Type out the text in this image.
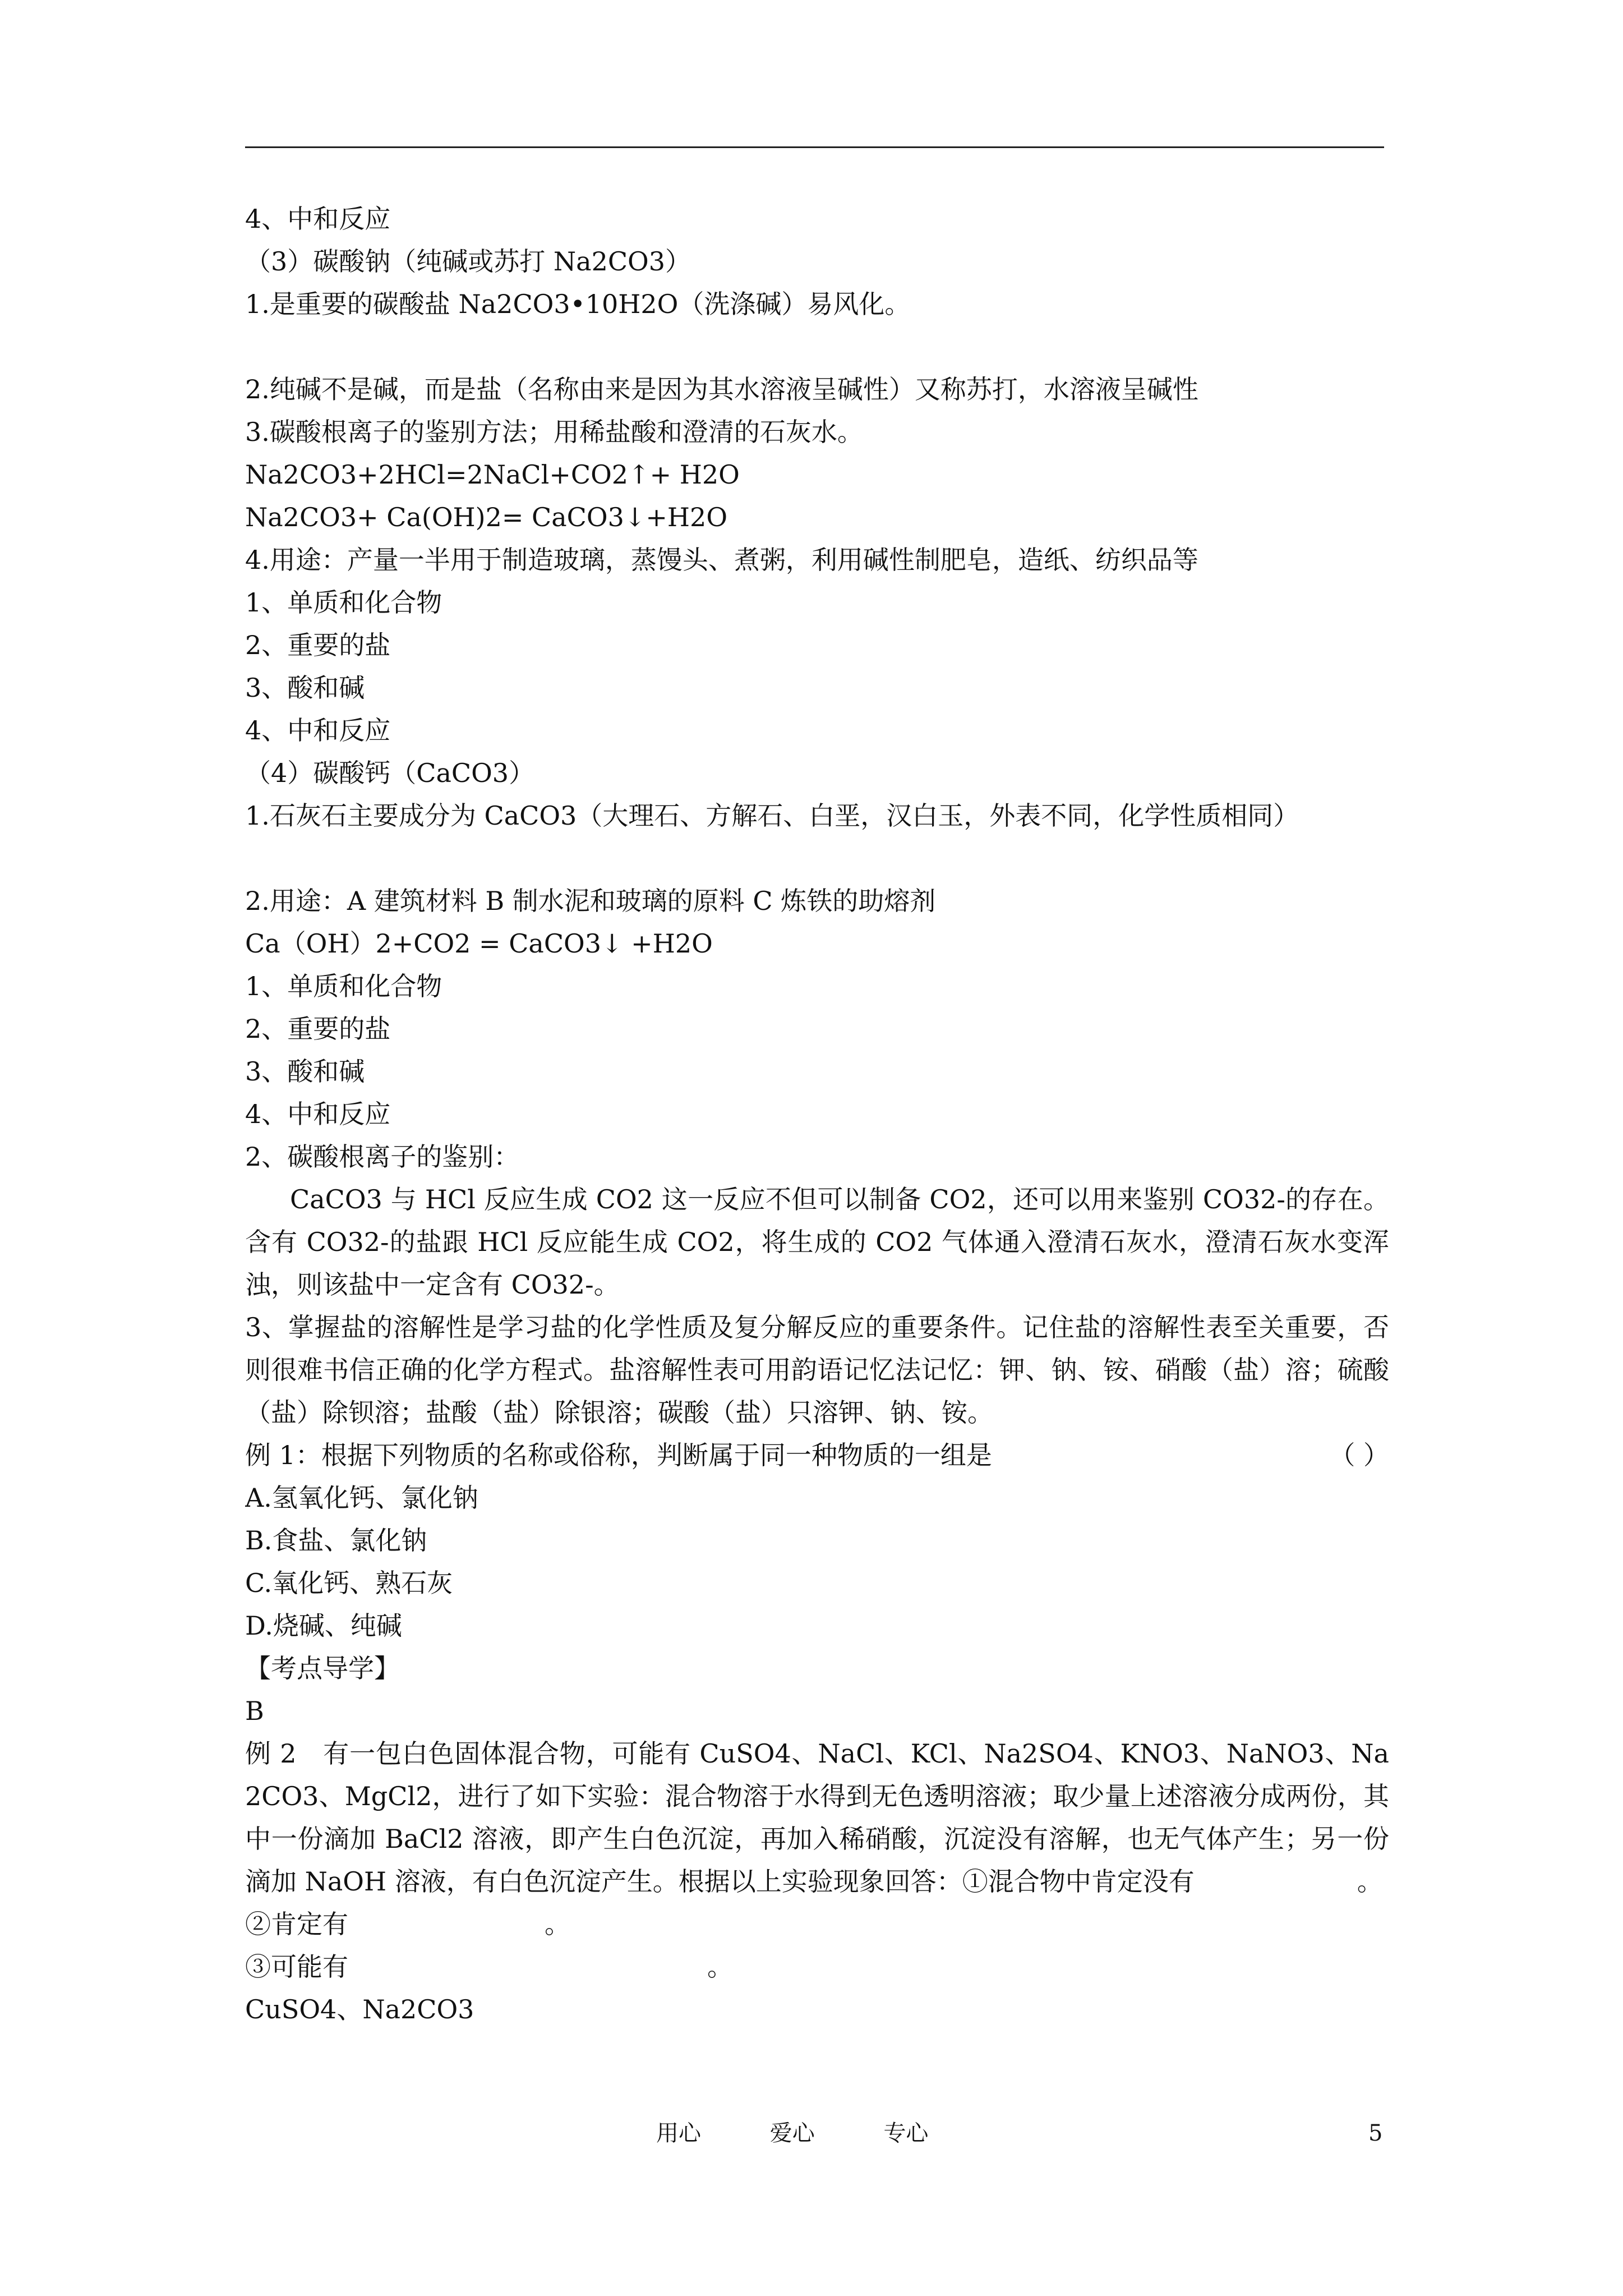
4、中和反应
（3）碳酸钠（纯碱或苏打 Na2CO3）
1.是重要的碳酸盐 Na2CO3•10H2O（洗涤碱）易风化。
2.纯碱不是碱，而是盐（名称由来是因为其水溶液呈碱性）又称苏打，水溶液呈碱性
3.碳酸根离子的鉴别方法；用稀盐酸和澄清的石灰水。
Na2CO3+2HCl=2NaCl+CO2↑+ H2O
Na2CO3+ Ca(OH)2= CaCO3↓+H2O
4.用途：产量一半用于制造玻璃，蒸馒头、煮粥，利用碱性制肥皂，造纸、纺织品等
1、单质和化合物
2、重要的盐
3、酸和碱
4、中和反应
（4）碳酸钙（CaCO3）
1.石灰石主要成分为 CaCO3（大理石、方解石、白垩，汉白玉，外表不同，化学性质相同）
2.用途：A 建筑材料 B 制水泥和玻璃的原料 C 炼铁的助熔剂
Ca（OH）2+CO2 = CaCO3↓ +H2O
1、单质和化合物
2、重要的盐
3、酸和碱
4、中和反应
2、碳酸根离子的鉴别：
CaCO3 与 HCl 反应生成 CO2 这一反应不但可以制备 CO2，还可以用来鉴别 CO32-的存在。含有 CO32-的盐跟 HCl 反应能生成 CO2，将生成的 CO2 气体通入澄清石灰水，澄清石灰水变浑浊，则该盐中一定含有 CO32-。
3、掌握盐的溶解性是学习盐的化学性质及复分解反应的重要条件。记住盐的溶解性表至关重要，否则很难书信正确的化学方程式。盐溶解性表可用韵语记忆法记忆：钾、钠、铵、硝酸（盐）溶；硫酸（盐）除钡溶；盐酸（盐）除银溶；碳酸（盐）只溶钾、钠、铵。
例 1：根据下列物质的名称或俗称，判断属于同一种物质的一组是	（ ）
A.氢氧化钙、氯化钠
B.食盐、氯化钠
C.氧化钙、熟石灰
D.烧碱、纯碱
【考点导学】
B
例 2　有一包白色固体混合物，可能有 CuSO4、NaCl、KCl、Na2SO4、KNO3、NaNO3、Na2CO3、MgCl2，进行了如下实验：混合物溶于水得到无色透明溶液；取少量上述溶液分成两份，其中一份滴加 BaCl2 溶液，即产生白色沉淀，再加入稀硝酸，沉淀没有溶解，也无气体产生；另一份滴加 NaOH 溶液，有白色沉淀产生。根据以上实验现象回答：①混合物中肯定没有	。
②肯定有	。
③可能有	。
CuSO4、Na2CO3
用心	爱心	专心	5
